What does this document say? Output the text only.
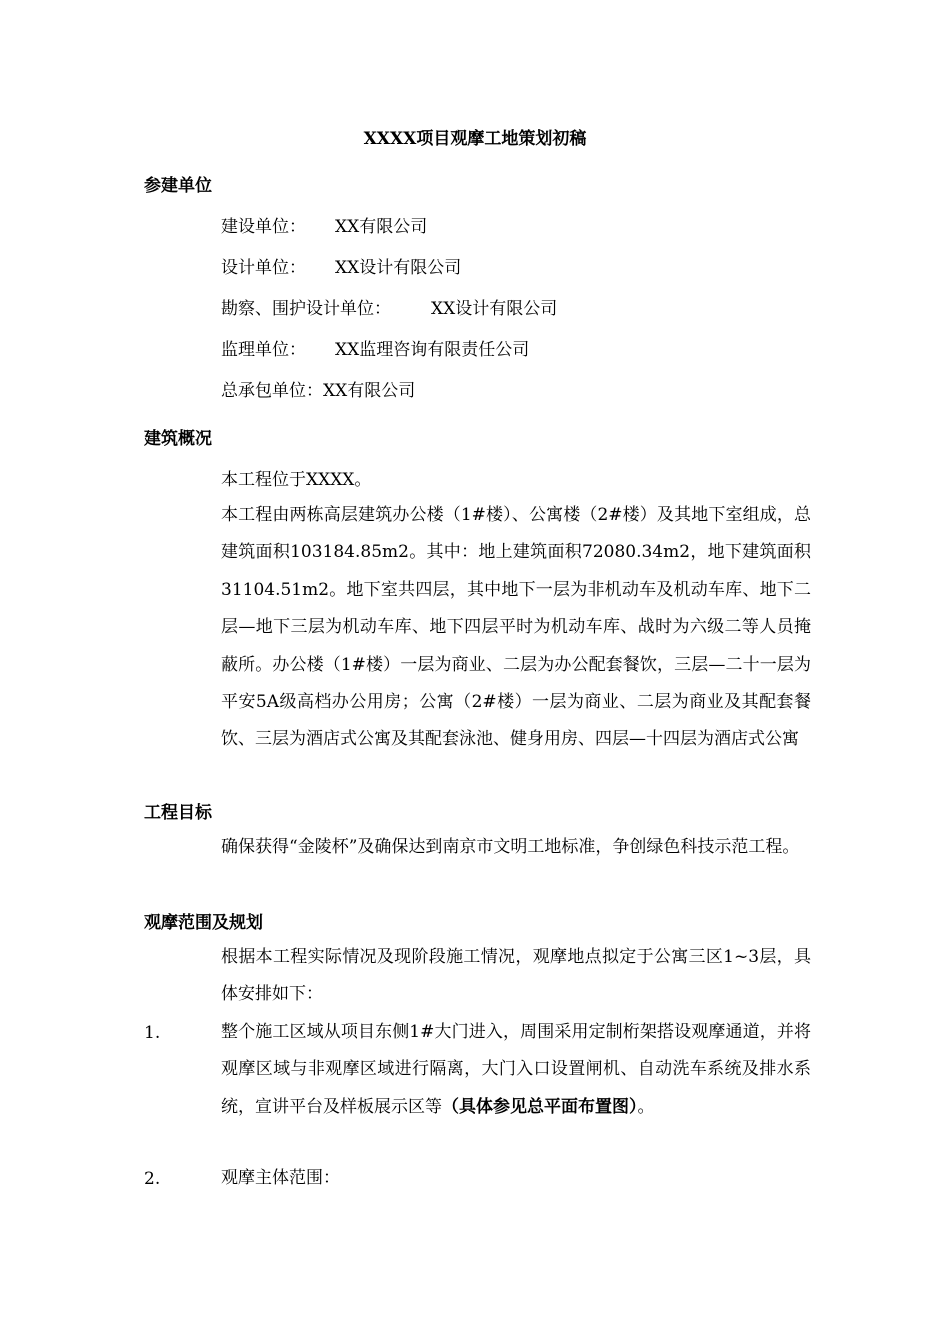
XXXX项目观摩工地策划初稿
参建单位
建设单位： XX有限公司
设计单位： XX设计有限公司
勘察、围护设计单位： XX设计有限公司
监理单位： XX监理咨询有限责任公司
总承包单位：XX有限公司
建筑概况
本工程位于XXXX。
本工程由两栋高层建筑办公楼（1#楼）、公寓楼（2#楼）及其地下室组成，总建筑面积103184.85m2。其中：地上建筑面积72080.34m2，地下建筑面积31104.51m2。地下室共四层，其中地下一层为非机动车及机动车库、地下二层—地下三层为机动车库、地下四层平时为机动车库、战时为六级二等人员掩蔽所。办公楼（1#楼）一层为商业、二层为办公配套餐饮，三层—二十一层为平安5A级高档办公用房；公寓（2#楼）一层为商业、二层为商业及其配套餐饮、三层为酒店式公寓及其配套泳池、健身用房、四层—十四层为酒店式公寓
工程目标
确保获得“金陵杯”及确保达到南京市文明工地标准，争创绿色科技示范工程。
观摩范围及规划
根据本工程实际情况及现阶段施工情况，观摩地点拟定于公寓三区1~3层，具体安排如下：
1.	整个施工区域从项目东侧1#大门进入，周围采用定制桁架搭设观摩通道，并将观摩区域与非观摩区域进行隔离，大门入口设置闸机、自动洗车系统及排水系统，宣讲平台及样板展示区等（具体参见总平面布置图）。
2.	观摩主体范围：
